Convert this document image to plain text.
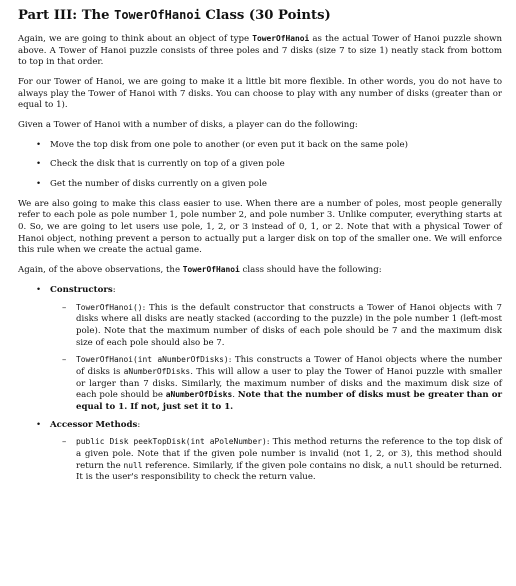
Part III: The TowerOfHanoi Class (30 Points)

Again, we are going to think about an object of type TowerOfHanoi as the actual Tower of Hanoi puzzle shown above. A Tower of Hanoi puzzle consists of three poles and 7 disks (size 7 to size 1) neatly stack from bottom to top in that order.

For our Tower of Hanoi, we are going to make it a little bit more flexible. In other words, you do not have to always play the Tower of Hanoi with 7 disks. You can choose to play with any number of disks (greater than or equal to 1).

Given a Tower of Hanoi with a number of disks, a player can do the following:

• Move the top disk from one pole to another (or even put it back on the same pole)
• Check the disk that is currently on top of a given pole
• Get the number of disks currently on a given pole

We are also going to make this class easier to use. When there are a number of poles, most people generally refer to each pole as pole number 1, pole number 2, and pole number 3. Unlike computer, everything starts at 0. So, we are going to let users use pole, 1, 2, or 3 instead of 0, 1, or 2. Note that with a physical Tower of Hanoi object, nothing prevent a person to actually put a larger disk on top of the smaller one. We will enforce this rule when we create the actual game.

Again, of the above observations, the TowerOfHanoi class should have the following:

• Constructors:
– TowerOfHanoi(): This is the default constructor that constructs a Tower of Hanoi objects with 7 disks where all disks are neatly stacked (according to the puzzle) in the pole number 1 (left-most pole). Note that the maximum number of disks of each pole should be 7 and the maximum disk size of each pole should also be 7.
– TowerOfHanoi(int aNumberOfDisks): This constructs a Tower of Hanoi objects where the number of disks is aNumberOfDisks. This will allow a user to play the Tower of Hanoi puzzle with smaller or larger than 7 disks. Similarly, the maximum number of disks and the maximum disk size of each pole should be aNumberOfDisks. Note that the number of disks must be greater than or equal to 1. If not, just set it to 1.
• Accessor Methods:
– public Disk peekTopDisk(int aPoleNumber): This method returns the reference to the top disk of a given pole. Note that if the given pole number is invalid (not 1, 2, or 3), this method should return the null reference. Similarly, if the given pole contains no disk, a null should be returned. It is the user's responsibility to check the return value.
